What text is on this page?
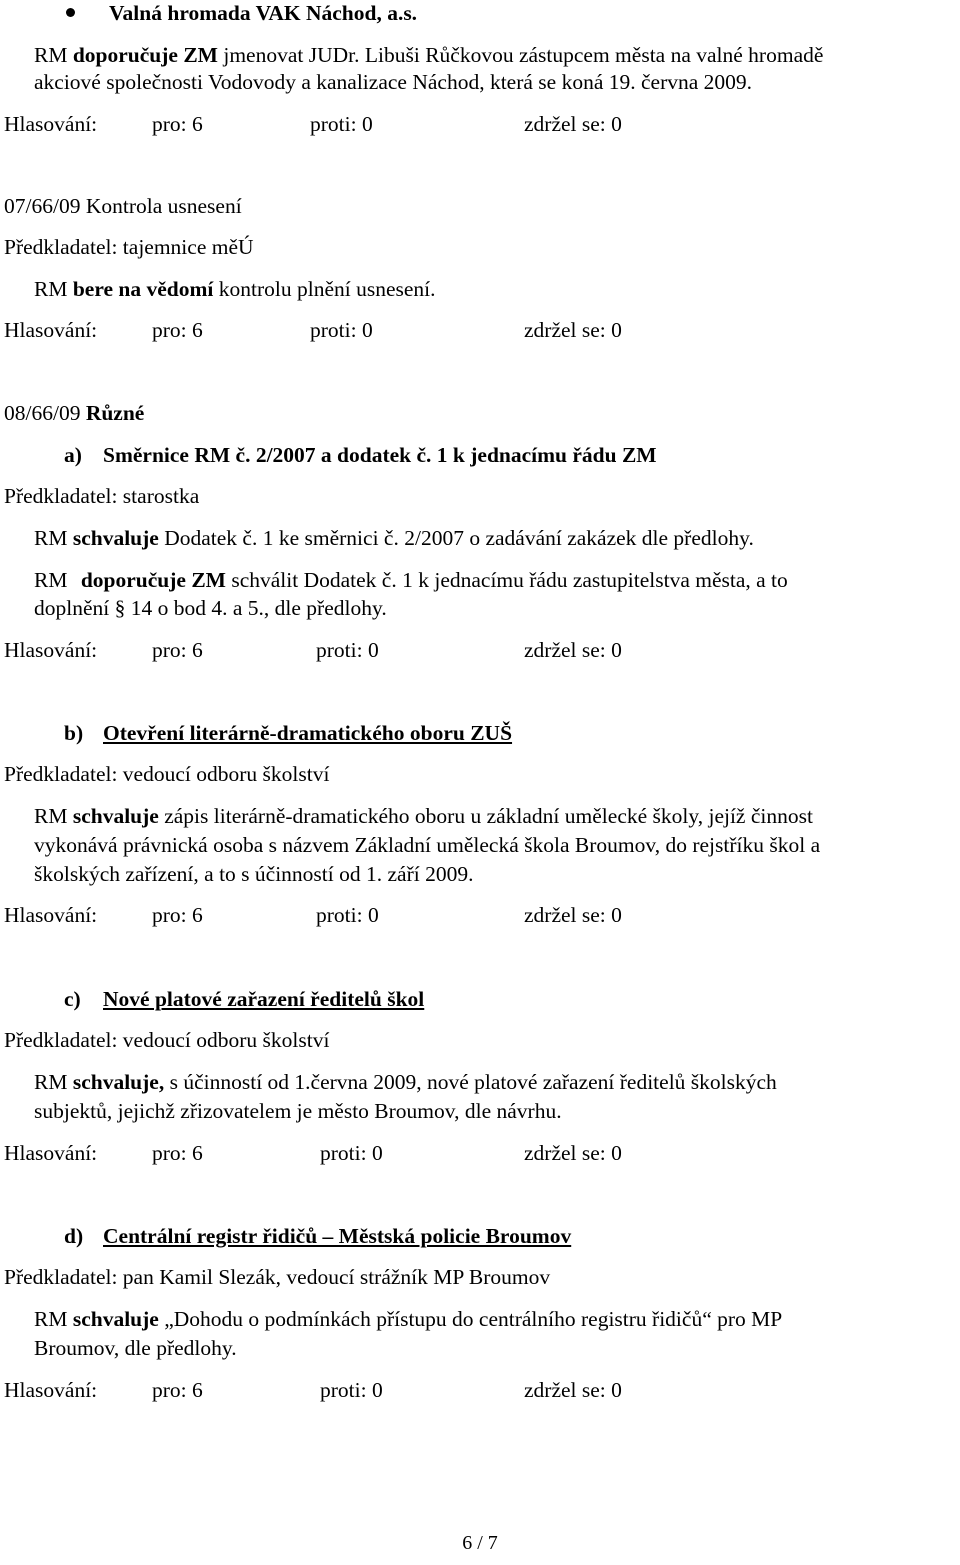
Valná hromada VAK Náchod, a.s.
RM doporučuje ZM jmenovat JUDr. Libuši Růčkovou zástupcem města na valné hromadě
akciové společnosti Vodovody a kanalizace Náchod, která se koná 19. června 2009.
Hlasování:	pro: 6	proti: 0	zdržel se: 0
07/66/09 Kontrola usnesení
Předkladatel: tajemnice měÚ
RM bere na vědomí kontrolu plnění usnesení.
Hlasování:	pro: 6	proti: 0	zdržel se: 0
08/66/09 Různé
a) Směrnice RM č. 2/2007 a dodatek č. 1 k jednacímu řádu ZM
Předkladatel: starostka
RM schvaluje Dodatek č. 1 ke směrnici č. 2/2007 o zadávání zakázek dle předlohy.
RM doporučuje ZM schválit Dodatek č. 1 k jednacímu řádu zastupitelstva města, a to
doplnění § 14 o bod 4. a 5., dle předlohy.
Hlasování:	pro: 6	proti: 0	zdržel se: 0
b) Otevření literárně-dramatického oboru ZUŠ
Předkladatel: vedoucí odboru školství
RM schvaluje zápis literárně-dramatického oboru u základní umělecké školy, jejíž činnost
vykonává právnická osoba s názvem Základní umělecká škola Broumov, do rejstříku škol a
školských zařízení, a to s účinností od 1. září 2009.
Hlasování:	pro: 6	proti: 0	zdržel se: 0
c) Nové platové zařazení ředitelů škol
Předkladatel: vedoucí odboru školství
RM schvaluje, s účinností od 1.června 2009, nové platové zařazení ředitelů školských
subjektů, jejichž zřizovatelem je město Broumov, dle návrhu.
Hlasování:	pro: 6	proti: 0	zdržel se: 0
d) Centrální registr řidičů – Městská policie Broumov
Předkladatel: pan Kamil Slezák, vedoucí strážník MP Broumov
RM schvaluje „Dohodu o podmínkách přístupu do centrálního registru řidičů“ pro MP
Broumov, dle předlohy.
Hlasování:	pro: 6	proti: 0	zdržel se: 0
6 / 7
